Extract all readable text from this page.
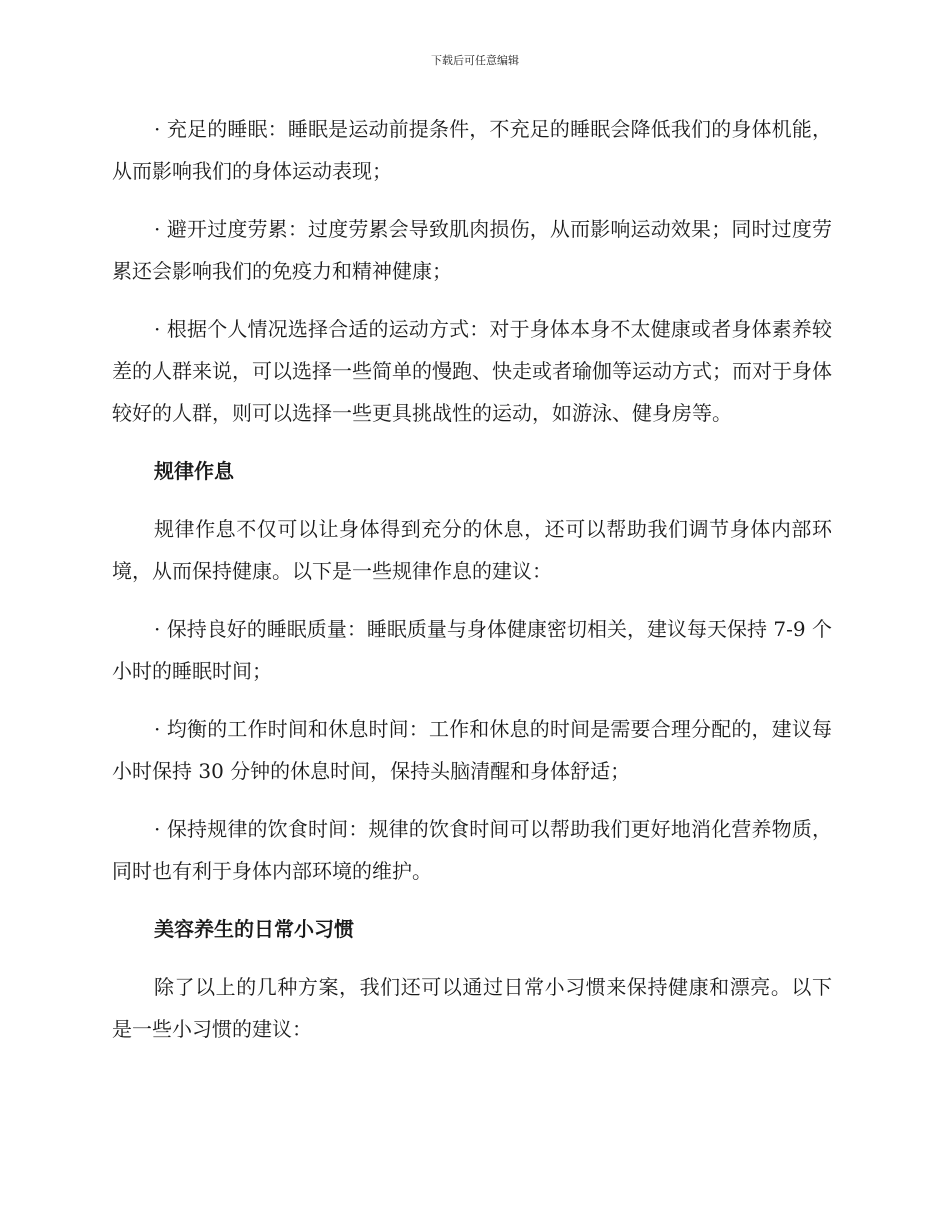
下载后可任意编辑

· 充足的睡眠：睡眠是运动前提条件，不充足的睡眠会降低我们的身体机能，从而影响我们的身体运动表现；

· 避开过度劳累：过度劳累会导致肌肉损伤，从而影响运动效果；同时过度劳累还会影响我们的免疫力和精神健康；

· 根据个人情况选择合适的运动方式：对于身体本身不太健康或者身体素养较差的人群来说，可以选择一些简单的慢跑、快走或者瑜伽等运动方式；而对于身体较好的人群，则可以选择一些更具挑战性的运动，如游泳、健身房等。

规律作息

规律作息不仅可以让身体得到充分的休息，还可以帮助我们调节身体内部环境，从而保持健康。以下是一些规律作息的建议：

· 保持良好的睡眠质量：睡眠质量与身体健康密切相关，建议每天保持 7-9 个小时的睡眠时间；

· 均衡的工作时间和休息时间：工作和休息的时间是需要合理分配的，建议每小时保持 30 分钟的休息时间，保持头脑清醒和身体舒适；

· 保持规律的饮食时间：规律的饮食时间可以帮助我们更好地消化营养物质，同时也有利于身体内部环境的维护。

美容养生的日常小习惯

除了以上的几种方案，我们还可以通过日常小习惯来保持健康和漂亮。以下是一些小习惯的建议：
